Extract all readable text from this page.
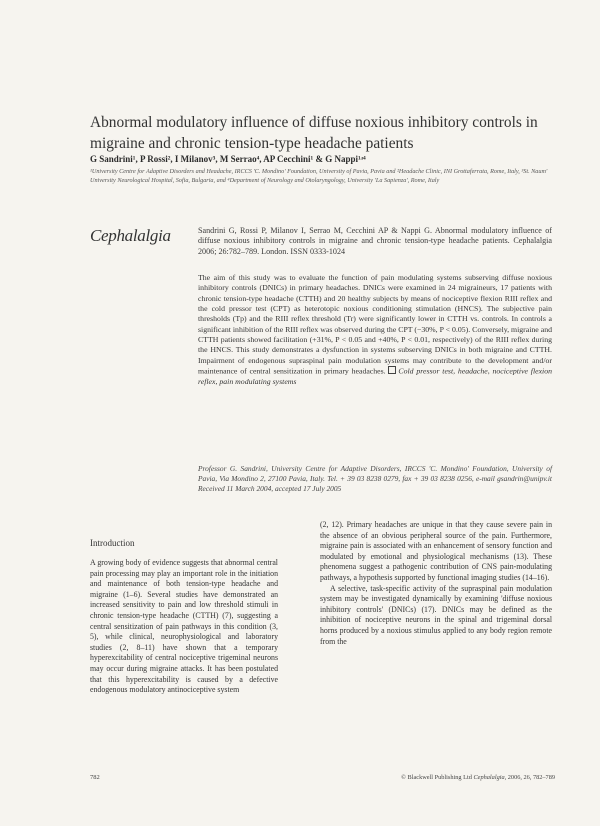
Abnormal modulatory influence of diffuse noxious inhibitory controls in migraine and chronic tension-type headache patients
G Sandrini¹, P Rossi², I Milanov³, M Serrao⁴, AP Cecchini¹ & G Nappi¹ʴ⁴
¹University Centre for Adaptive Disorders and Headache, IRCCS 'C. Mondino' Foundation, University of Pavia, Pavia and ²Headache Clinic, INI Grottaferrata, Rome, Italy, ³St. Naum' University Neurological Hospital, Sofia, Bulgaria, and ⁴Department of Neurology and Otolaryngology, University 'La Sapienza', Rome, Italy
Cephalalgia	Sandrini G, Rossi P, Milanov I, Serrao M, Cecchini AP & Nappi G. Abnormal modulatory influence of diffuse noxious inhibitory controls in migraine and chronic tension-type headache patients. Cephalalgia 2006; 26:782–789. London. ISSN 0333-1024
The aim of this study was to evaluate the function of pain modulating systems subserving diffuse noxious inhibitory controls (DNICs) in primary headaches. DNICs were examined in 24 migraineurs, 17 patients with chronic tension-type headache (CTTH) and 20 healthy subjects by means of nociceptive flexion RIII reflex and the cold pressor test (CPT) as heterotopic noxious conditioning stimulation (HNCS). The subjective pain thresholds (Tp) and the RIII reflex threshold (Tr) were significantly lower in CTTH vs. controls. In controls a significant inhibition of the RIII reflex was observed during the CPT (−30%, P < 0.05). Conversely, migraine and CTTH patients showed facilitation (+31%, P < 0.05 and +40%, P < 0.01, respectively) of the RIII reflex during the HNCS. This study demonstrates a dysfunction in systems subserving DNICs in both migraine and CTTH. Impairment of endogenous supraspinal pain modulation systems may contribute to the development and/or maintenance of central sensitization in primary headaches. Cold pressor test, headache, nociceptive flexion reflex, pain modulating systems
Professor G. Sandrini, University Centre for Adaptive Disorders, IRCCS 'C. Mondino' Foundation, University of Pavia, Via Mondino 2, 27100 Pavia, Italy. Tel. + 39 03 8238 0279, fax + 39 03 8238 0256, e-mail gsandrin@unipv.it Received 11 March 2004, accepted 17 July 2005
Introduction

A growing body of evidence suggests that abnormal central pain processing may play an important role in the initiation and maintenance of both tension-type headache and migraine (1–6). Several studies have demonstrated an increased sensitivity to pain and low threshold stimuli in chronic tension-type headache (CTTH) (7), suggesting a central sensitization of pain pathways in this condition (3, 5), while clinical, neurophysiological and laboratory studies (2, 8–11) have shown that a temporary hyperexcitability of central nociceptive trigeminal neurons may occur during migraine attacks. It has been postulated that this hyperexcitability is caused by a defective endogenous modulatory antinociceptive system

(2, 12). Primary headaches are unique in that they cause severe pain in the absence of an obvious peripheral source of the pain. Furthermore, migraine pain is associated with an enhancement of sensory function and modulated by emotional and physiological mechanisms (13). These phenomena suggest a pathogenic contribution of CNS pain-modulating pathways, a hypothesis supported by functional imaging studies (14–16).

A selective, task-specific activity of the supraspinal pain modulation system may be investigated dynamically by examining 'diffuse noxious inhibitory controls' (DNICs) (17). DNICs may be defined as the inhibition of nociceptive neurons in the spinal and trigeminal dorsal horns produced by a noxious stimulus applied to any body region remote from the

782	© Blackwell Publishing Ltd Cephalalgia, 2006, 26, 782–789
